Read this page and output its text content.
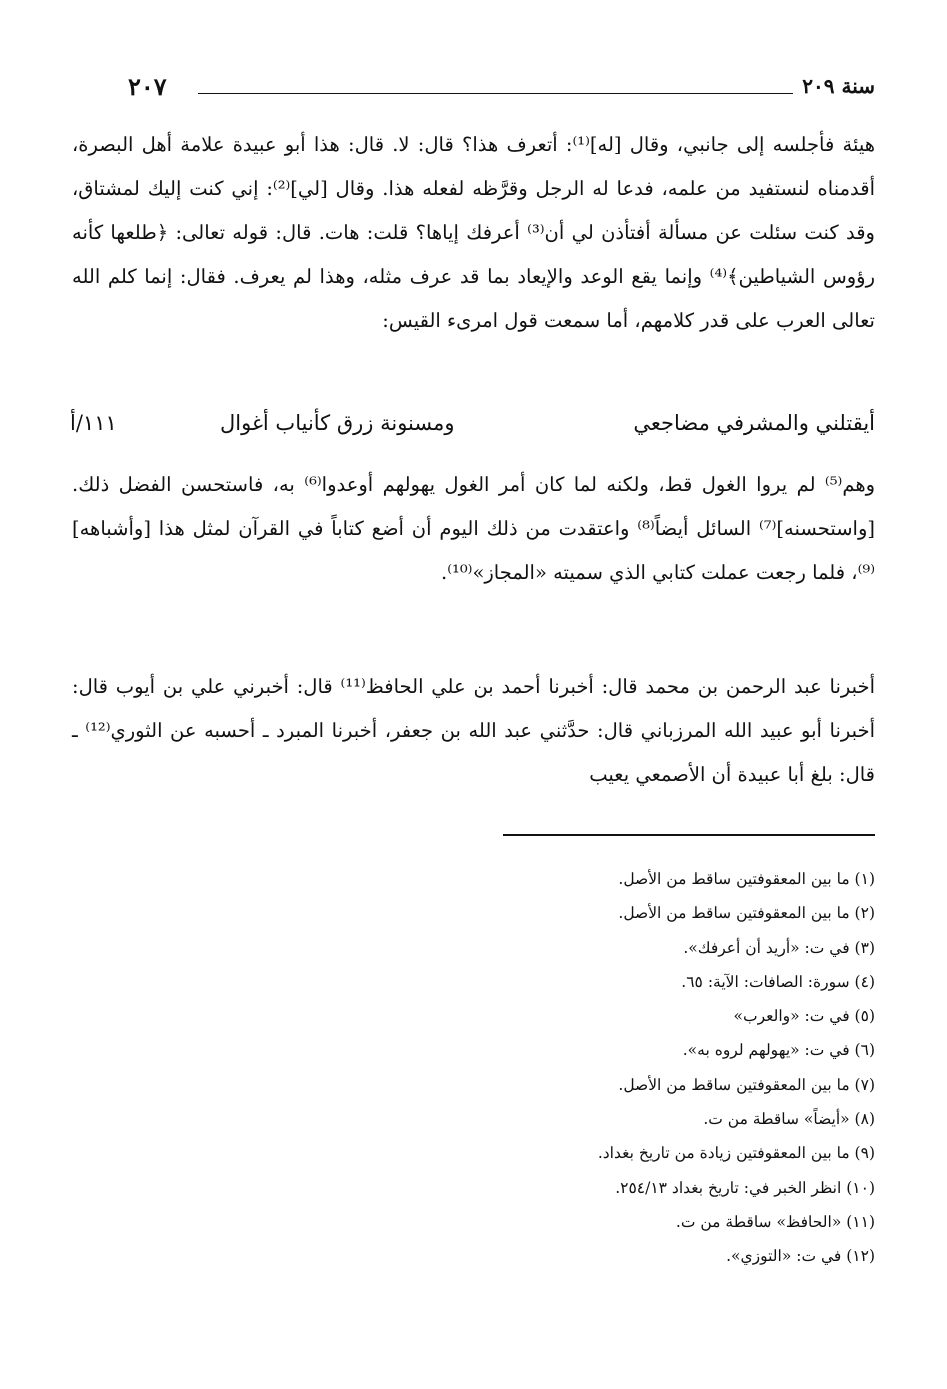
سنة ٢٠٩
٢٠٧

هيئة فأجلسه إلى جانبي، وقال [له]⁽¹⁾: أتعرف هذا؟ قال: لا. قال: هذا أبو عبيدة علامة أهل البصرة، أقدمناه لنستفيد من علمه، فدعا له الرجل وقرَّظه لفعله هذا. وقال [لي]⁽²⁾: إني كنت إليك لمشتاق، وقد كنت سئلت عن مسألة أفتأذن لي أن⁽³⁾ أعرفك إياها؟ قلت: هات. قال: قوله تعالى: ﴿طلعها كأنه رؤوس الشياطين﴾⁽⁴⁾ وإنما يقع الوعد والإيعاد بما قد عرف مثله، وهذا لم يعرف. فقال: إنما كلم الله تعالى العرب على قدر كلامهم، أما سمعت قول امرىء القيس:

أيقتلني والمشرفي مضاجعي
ومسنونة زرق كأنياب أغوال
١١١/أ

وهم⁽⁵⁾ لم يروا الغول قط، ولكنه لما كان أمر الغول يهولهم أوعدوا⁽⁶⁾ به، فاستحسن الفضل ذلك. [واستحسنه]⁽⁷⁾ السائل أيضاً⁽⁸⁾ واعتقدت من ذلك اليوم أن أضع كتاباً في القرآن لمثل هذا [وأشباهه]⁽⁹⁾، فلما رجعت عملت كتابي الذي سميته «المجاز»⁽¹⁰⁾.

أخبرنا عبد الرحمن بن محمد قال: أخبرنا أحمد بن علي الحافظ⁽¹¹⁾ قال: أخبرني علي بن أيوب قال: أخبرنا أبو عبيد الله المرزباني قال: حدَّثني عبد الله بن جعفر، أخبرنا المبرد ـ أحسبه عن الثوري⁽¹²⁾ ـ قال: بلغ أبا عبيدة أن الأصمعي يعيب

(١) ما بين المعقوفتين ساقط من الأصل.
(٢) ما بين المعقوفتين ساقط من الأصل.
(٣) في ت: «أريد أن أعرفك».
(٤) سورة: الصافات: الآية: ٦٥.
(٥) في ت: «والعرب»
(٦) في ت: «يهولهم لروه به».
(٧) ما بين المعقوفتين ساقط من الأصل.
(٨) «أيضاً» ساقطة من ت.
(٩) ما بين المعقوفتين زيادة من تاريخ بغداد.
(١٠) انظر الخبر في: تاريخ بغداد ٢٥٤/١٣.
(١١) «الحافظ» ساقطة من ت.
(١٢) في ت: «التوزي».
